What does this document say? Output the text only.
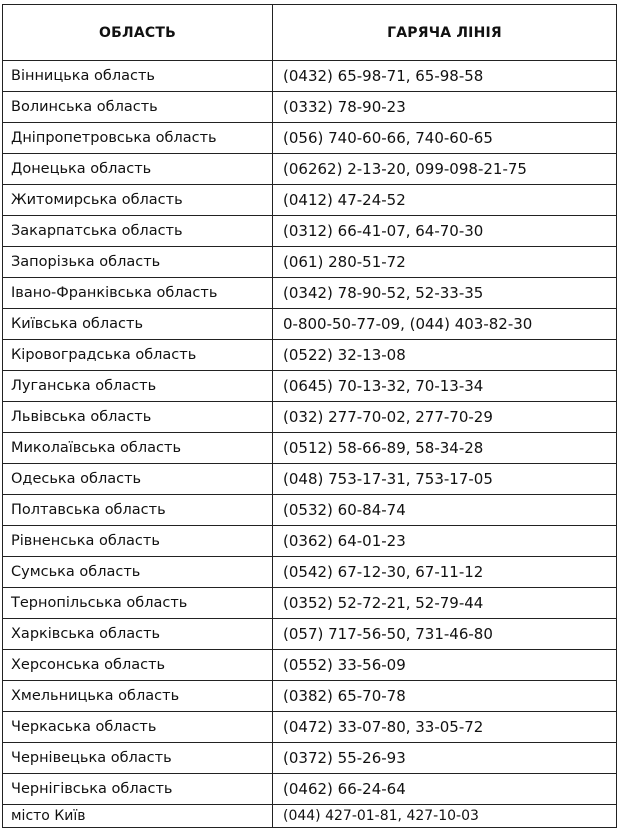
ОБЛАСТЬ	ГАРЯЧА ЛІНІЯ
Вінницька область	(0432) 65-98-71, 65-98-58
Волинська область	(0332) 78-90-23
Дніпропетровська область	(056) 740-60-66, 740-60-65
Донецька область	(06262) 2-13-20, 099-098-21-75
Житомирська область	(0412) 47-24-52
Закарпатська область	(0312) 66-41-07, 64-70-30
Запорізька область	(061) 280-51-72
Івано-Франківська область	(0342) 78-90-52, 52-33-35
Київська область	0-800-50-77-09, (044) 403-82-30
Кіровоградська область	(0522) 32-13-08
Луганська область	(0645) 70-13-32, 70-13-34
Львівська область	(032) 277-70-02, 277-70-29
Миколаївська область	(0512) 58-66-89, 58-34-28
Одеська область	(048) 753-17-31, 753-17-05
Полтавська область	(0532) 60-84-74
Рівненська область	(0362) 64-01-23
Сумська область	(0542) 67-12-30, 67-11-12
Тернопільська область	(0352) 52-72-21, 52-79-44
Харківська область	(057) 717-56-50, 731-46-80
Херсонська область	(0552) 33-56-09
Хмельницька область	(0382) 65-70-78
Черкаська область	(0472) 33-07-80, 33-05-72
Чернівецька область	(0372) 55-26-93
Чернігівська область	(0462) 66-24-64
місто Київ	(044) 427-01-81, 427-10-03
